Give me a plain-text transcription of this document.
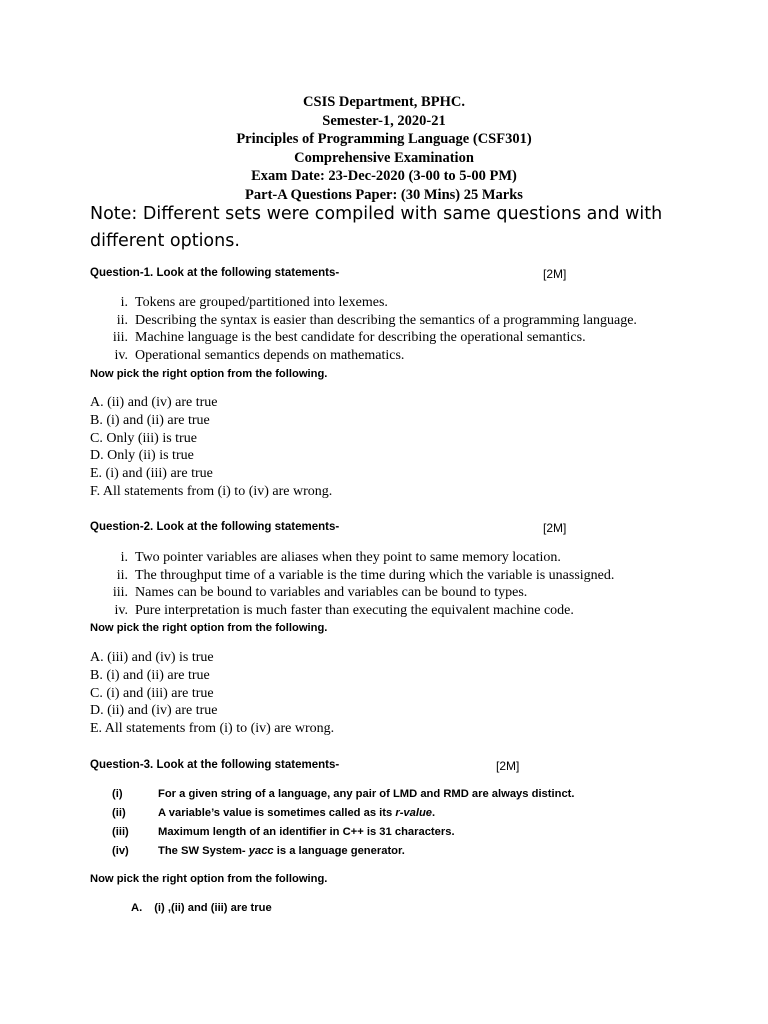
CSIS Department, BPHC.
Semester-1, 2020-21
Principles of Programming Language (CSF301)
Comprehensive Examination
Exam Date: 23-Dec-2020 (3-00 to 5-00 PM)
Part-A Questions Paper: (30 Mins) 25 Marks
Note: Different sets were compiled with same questions and with different options.
Question-1. Look at the following statements-	[2M]
i. Tokens are grouped/partitioned into lexemes.
ii. Describing the syntax is easier than describing the semantics of a programming language.
iii. Machine language is the best candidate for describing the operational semantics.
iv. Operational semantics depends on mathematics.
Now pick the right option from the following.
A. (ii) and (iv) are true
B. (i) and (ii) are true
C. Only (iii) is true
D. Only (ii) is true
E. (i) and (iii) are true
F. All statements from (i) to (iv) are wrong.
Question-2. Look at the following statements-	[2M]
i. Two pointer variables are aliases when they point to same memory location.
ii. The throughput time of a variable is the time during which the variable is unassigned.
iii. Names can be bound to variables and variables can be bound to types.
iv. Pure interpretation is much faster than executing the equivalent machine code.
Now pick the right option from the following.
A. (iii) and (iv) is true
B. (i) and (ii) are true
C. (i) and (iii) are true
D. (ii) and (iv) are true
E. All statements from (i) to (iv) are wrong.
Question-3. Look at the following statements-	[2M]
(i)	For a given string of a language, any pair of LMD and RMD are always distinct.
(ii)	A variable’s value is sometimes called as its r-value.
(iii)	Maximum length of an identifier in C++ is 31 characters.
(iv)	The SW System- yacc is a language generator.
Now pick the right option from the following.
A. (i) ,(ii) and (iii) are true
